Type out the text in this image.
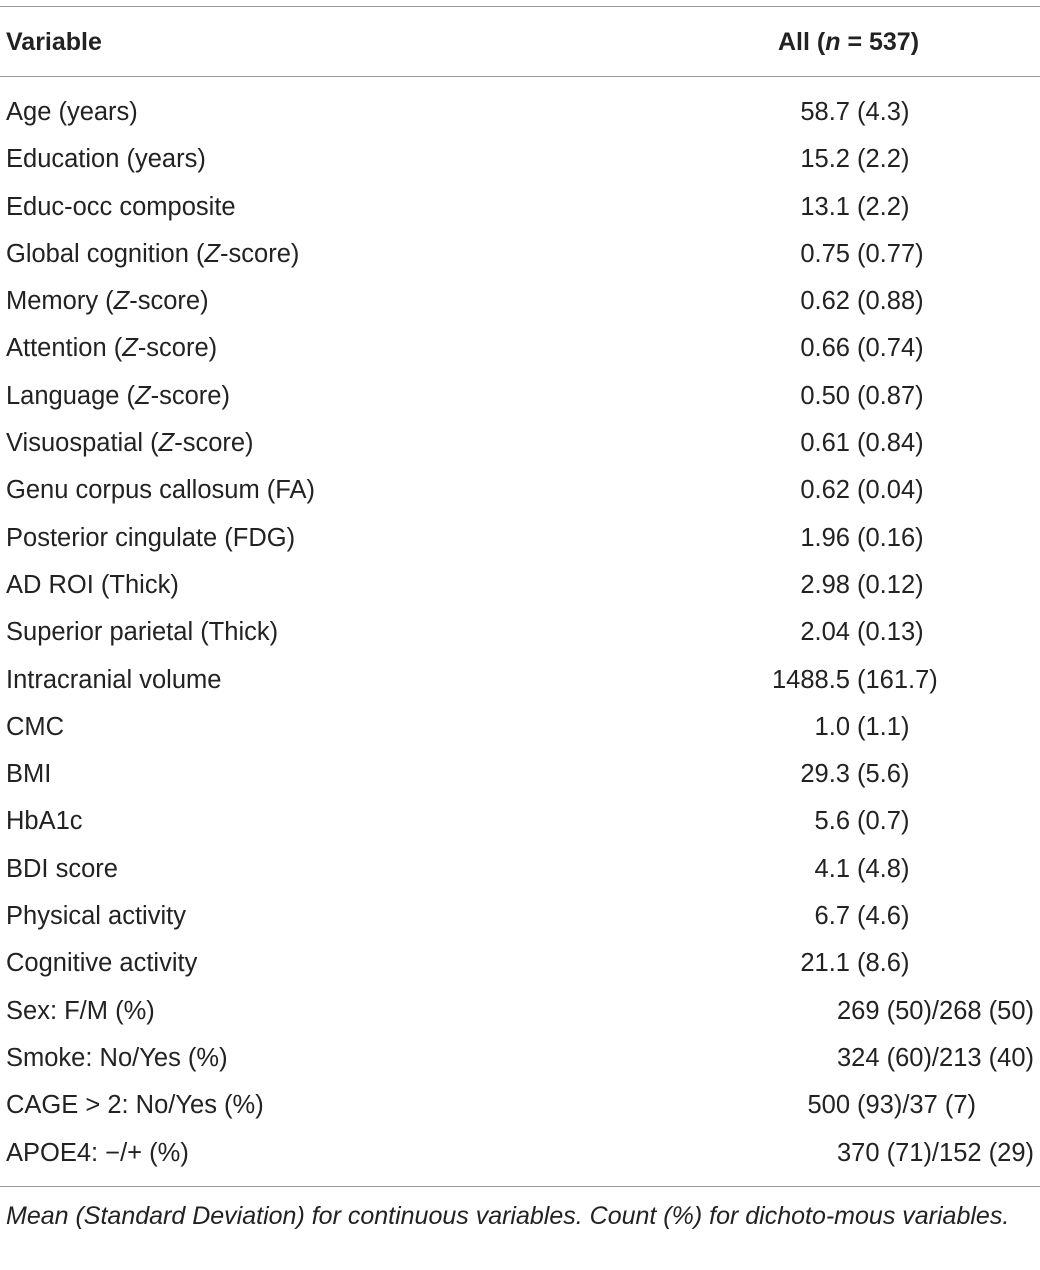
Variable	All (n = 537)
Age (years)	58.7 (4.3)
Education (years)	15.2 (2.2)
Educ-occ composite	13.1 (2.2)
Global cognition (Z-score)	0.75 (0.77)
Memory (Z-score)	0.62 (0.88)
Attention (Z-score)	0.66 (0.74)
Language (Z-score)	0.50 (0.87)
Visuospatial (Z-score)	0.61 (0.84)
Genu corpus callosum (FA)	0.62 (0.04)
Posterior cingulate (FDG)	1.96 (0.16)
AD ROI (Thick)	2.98 (0.12)
Superior parietal (Thick)	2.04 (0.13)
Intracranial volume	1488.5 (161.7)
CMC	1.0 (1.1)
BMI	29.3 (5.6)
HbA1c	5.6 (0.7)
BDI score	4.1 (4.8)
Physical activity	6.7 (4.6)
Cognitive activity	21.1 (8.6)
Sex: F/M (%)	269 (50)/268 (50)
Smoke: No/Yes (%)	324 (60)/213 (40)
CAGE > 2: No/Yes (%)	500 (93)/37 (7)
APOE4: −/+ (%)	370 (71)/152 (29)
Mean (Standard Deviation) for continuous variables. Count (%) for dichoto-mous variables.
